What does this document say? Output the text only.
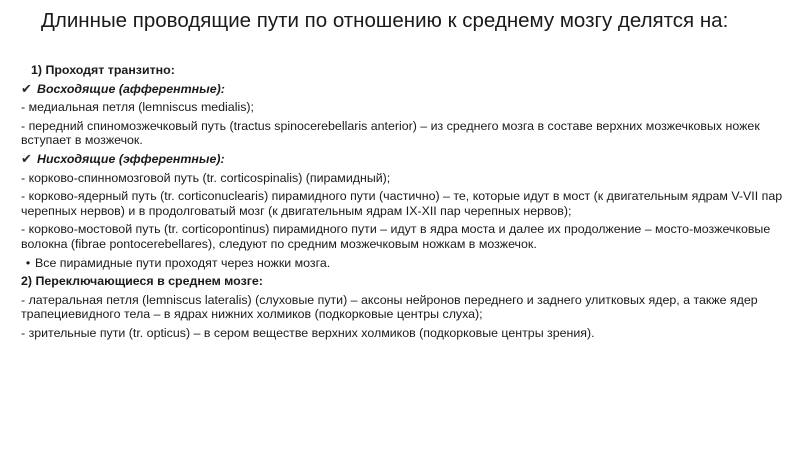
Длинные проводящие пути по отношению к среднему мозгу делятся на:

1) Проходят транзитно:

✔ Восходящие (афферентные):

- медиальная петля (lemniscus medialis);

- передний спиномозжечковый путь (tractus spinocerebellaris anterior) – из среднего мозга в составе верхних мозжечковых ножек вступает в мозжечок.

✔ Нисходящие (эфферентные):

- корково-спинномозговой путь (tr. corticospinalis) (пирамидный);

- корково-ядерный путь (tr. corticonuclearis) пирамидного пути (частично) – те, которые идут в мост (к двигательным ядрам V-VII пар черепных нервов) и в продолговатый мозг (к двигательным ядрам IX-XII пар черепных нервов);

- корково-мостовой путь (tr. corticopontinus) пирамидного пути – идут в ядра моста и далее их продолжение – мосто-мозжечковые волокна (fibrae pontocerebellares), следуют по средним мозжечковым ножкам в мозжечок.

• Все пирамидные пути проходят через ножки мозга.

2) Переключающиеся в среднем мозге:

- латеральная петля (lemniscus lateralis) (слуховые пути) – аксоны нейронов переднего и заднего улитковых ядер, а также ядер трапециевидного тела – в ядрах нижних холмиков (подкорковые центры слуха);

- зрительные пути (tr. opticus) – в сером веществе верхних холмиков (подкорковые центры зрения).
